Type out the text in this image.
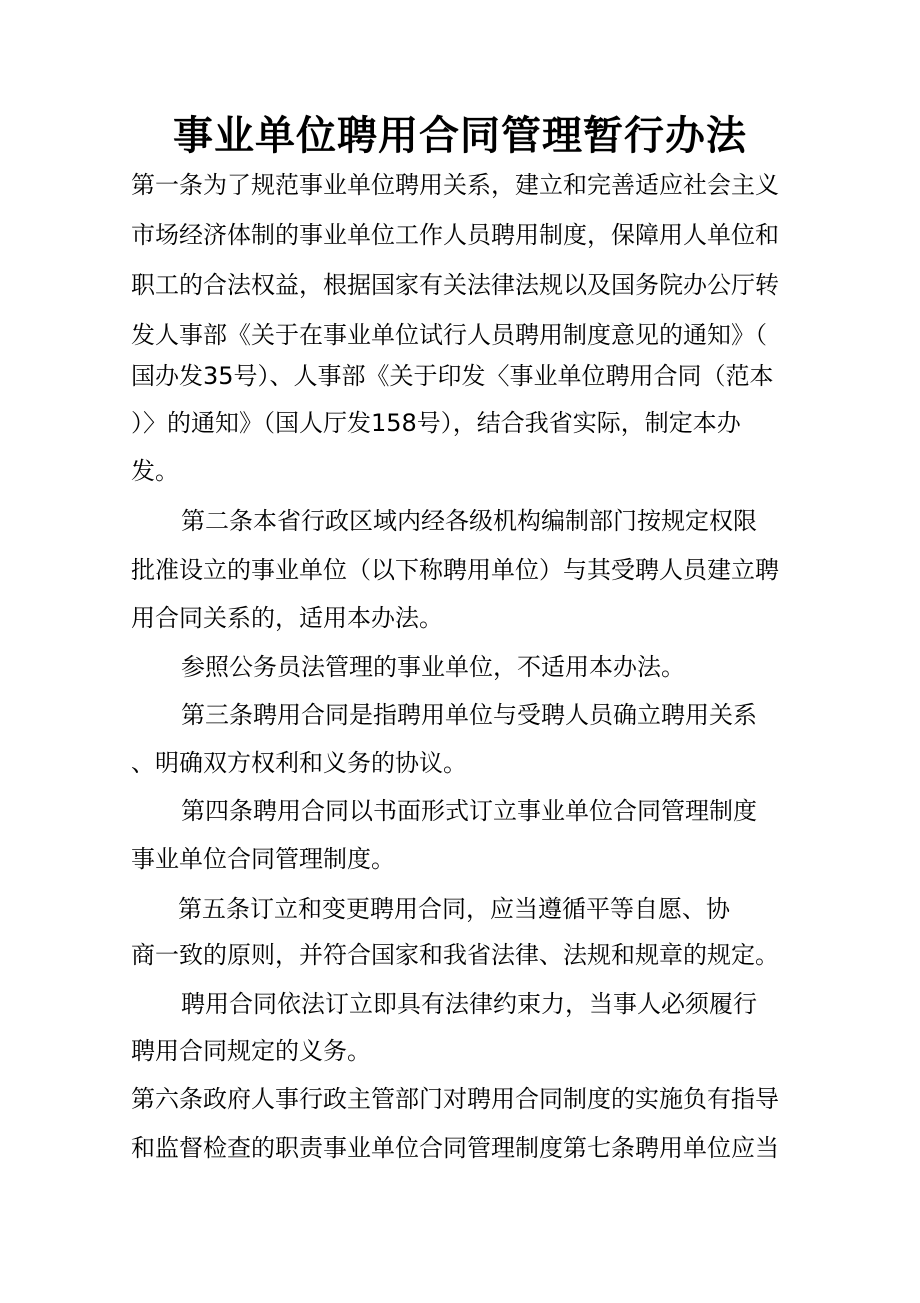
事业单位聘用合同管理暂行办法
第一条为了规范事业单位聘用关系，建立和完善适应社会主义
市场经济体制的事业单位工作人员聘用制度，保障用人单位和
职工的合法权益，根据国家有关法律法规以及国务院办公厅转
发人事部《关于在事业单位试行人员聘用制度意见的通知》（
国办发35号）、人事部《关于印发〈事业单位聘用合同（范本
）〉的通知》（国人厅发158号），结合我省实际，制定本办
发。
第二条本省行政区域内经各级机构编制部门按规定权限
批准设立的事业单位（以下称聘用单位）与其受聘人员建立聘
用合同关系的，适用本办法。
参照公务员法管理的事业单位，不适用本办法。
第三条聘用合同是指聘用单位与受聘人员确立聘用关系
、明确双方权利和义务的协议。
第四条聘用合同以书面形式订立事业单位合同管理制度
事业单位合同管理制度。
第五条订立和变更聘用合同，应当遵循平等自愿、协
商一致的原则，并符合国家和我省法律、法规和规章的规定。
聘用合同依法订立即具有法律约束力，当事人必须履行
聘用合同规定的义务。
第六条政府人事行政主管部门对聘用合同制度的实施负有指导
和监督检查的职责事业单位合同管理制度第七条聘用单位应当
